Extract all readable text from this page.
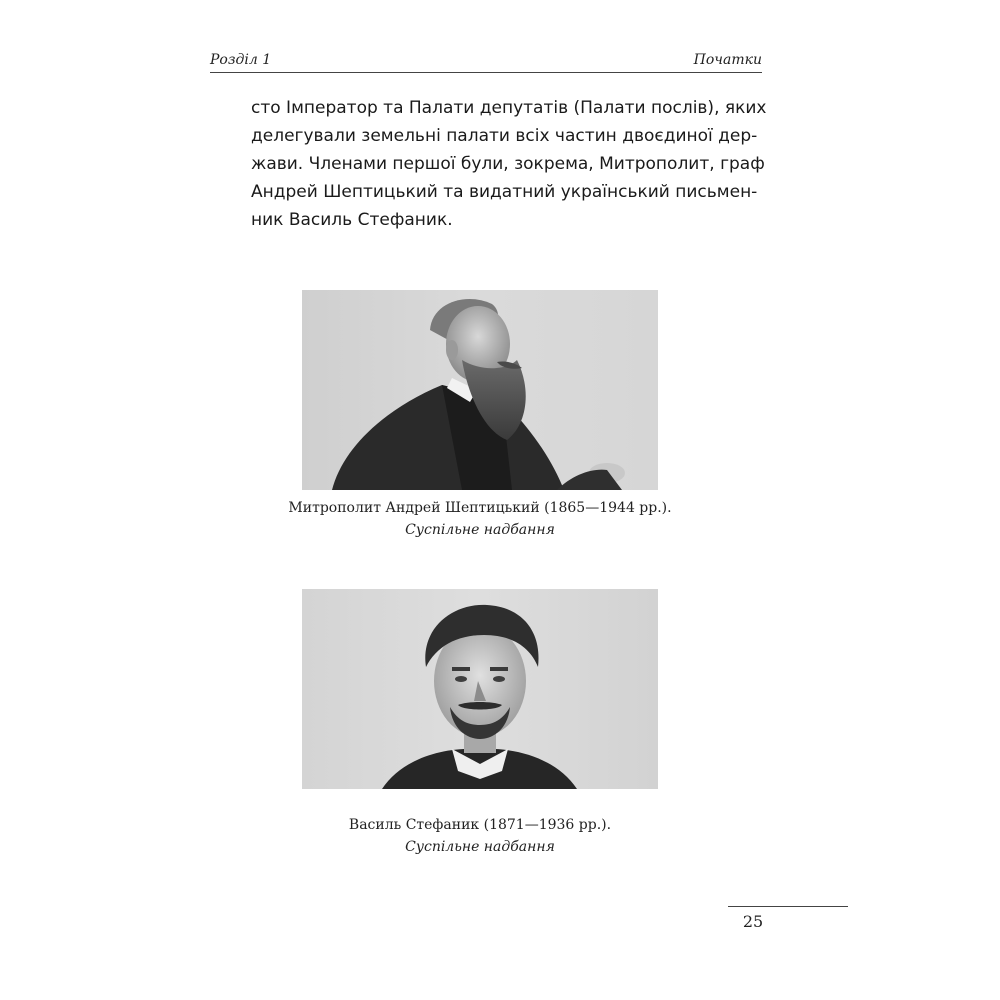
Розділ 1	Початки

сто Імператор та Палати депутатів (Палати послів), яких
делегували земельні палати всіх частин двоєдиної дер-
жави. Членами першої були, зокрема, Митрополит, граф
Андрей Шептицький та видатний український письмен-
ник Василь Стефаник.

Митрополит Андрей Шептицький (1865—1944 рр.).
Суспільне надбання
Василь Стефаник (1871—1936 рр.).
Суспільне надбання
25
